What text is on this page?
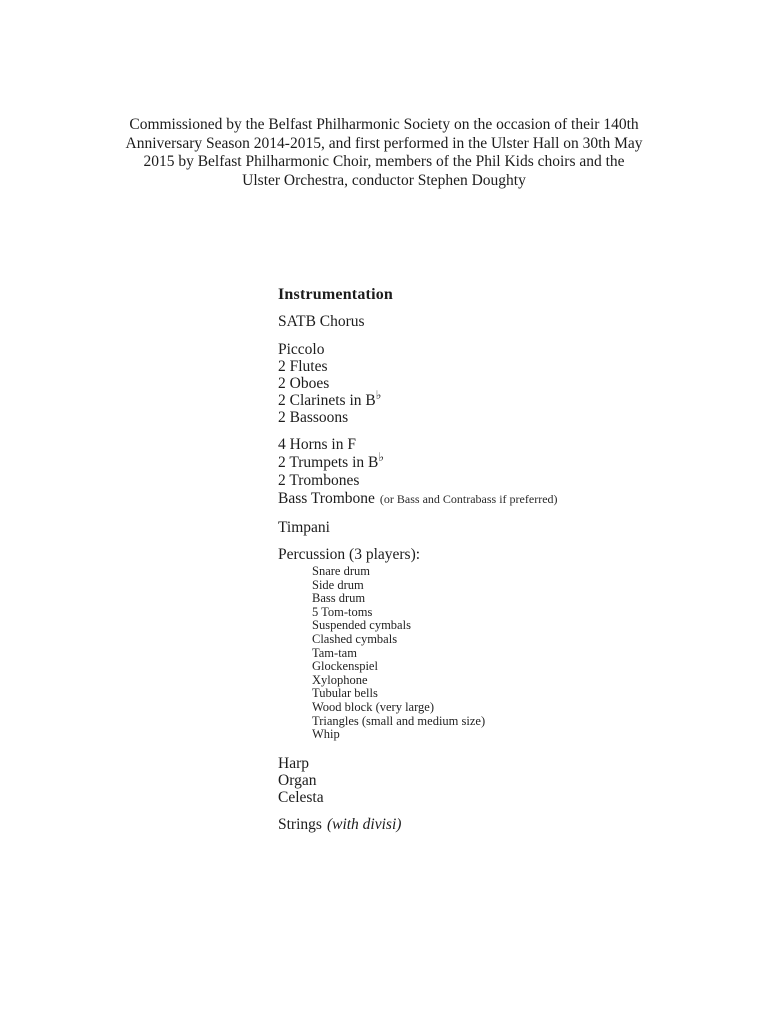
Commissioned by the Belfast Philharmonic Society on the occasion of their 140th
Anniversary Season 2014-2015, and first performed in the Ulster Hall on 30th May
2015 by Belfast Philharmonic Choir, members of the Phil Kids choirs and the
Ulster Orchestra, conductor Stephen Doughty
Instrumentation
SATB Chorus
Piccolo
2 Flutes
2 Oboes
2 Clarinets in B♭
2 Bassoons
4 Horns in F
2 Trumpets in B♭
2 Trombones
Bass Trombone (or Bass and Contrabass if preferred)
Timpani
Percussion (3 players):
Snare drum
Side drum
Bass drum
5 Tom-toms
Suspended cymbals
Clashed cymbals
Tam-tam
Glockenspiel
Xylophone
Tubular bells
Wood block (very large)
Triangles (small and medium size)
Whip
Harp
Organ
Celesta
Strings (with divisi)
